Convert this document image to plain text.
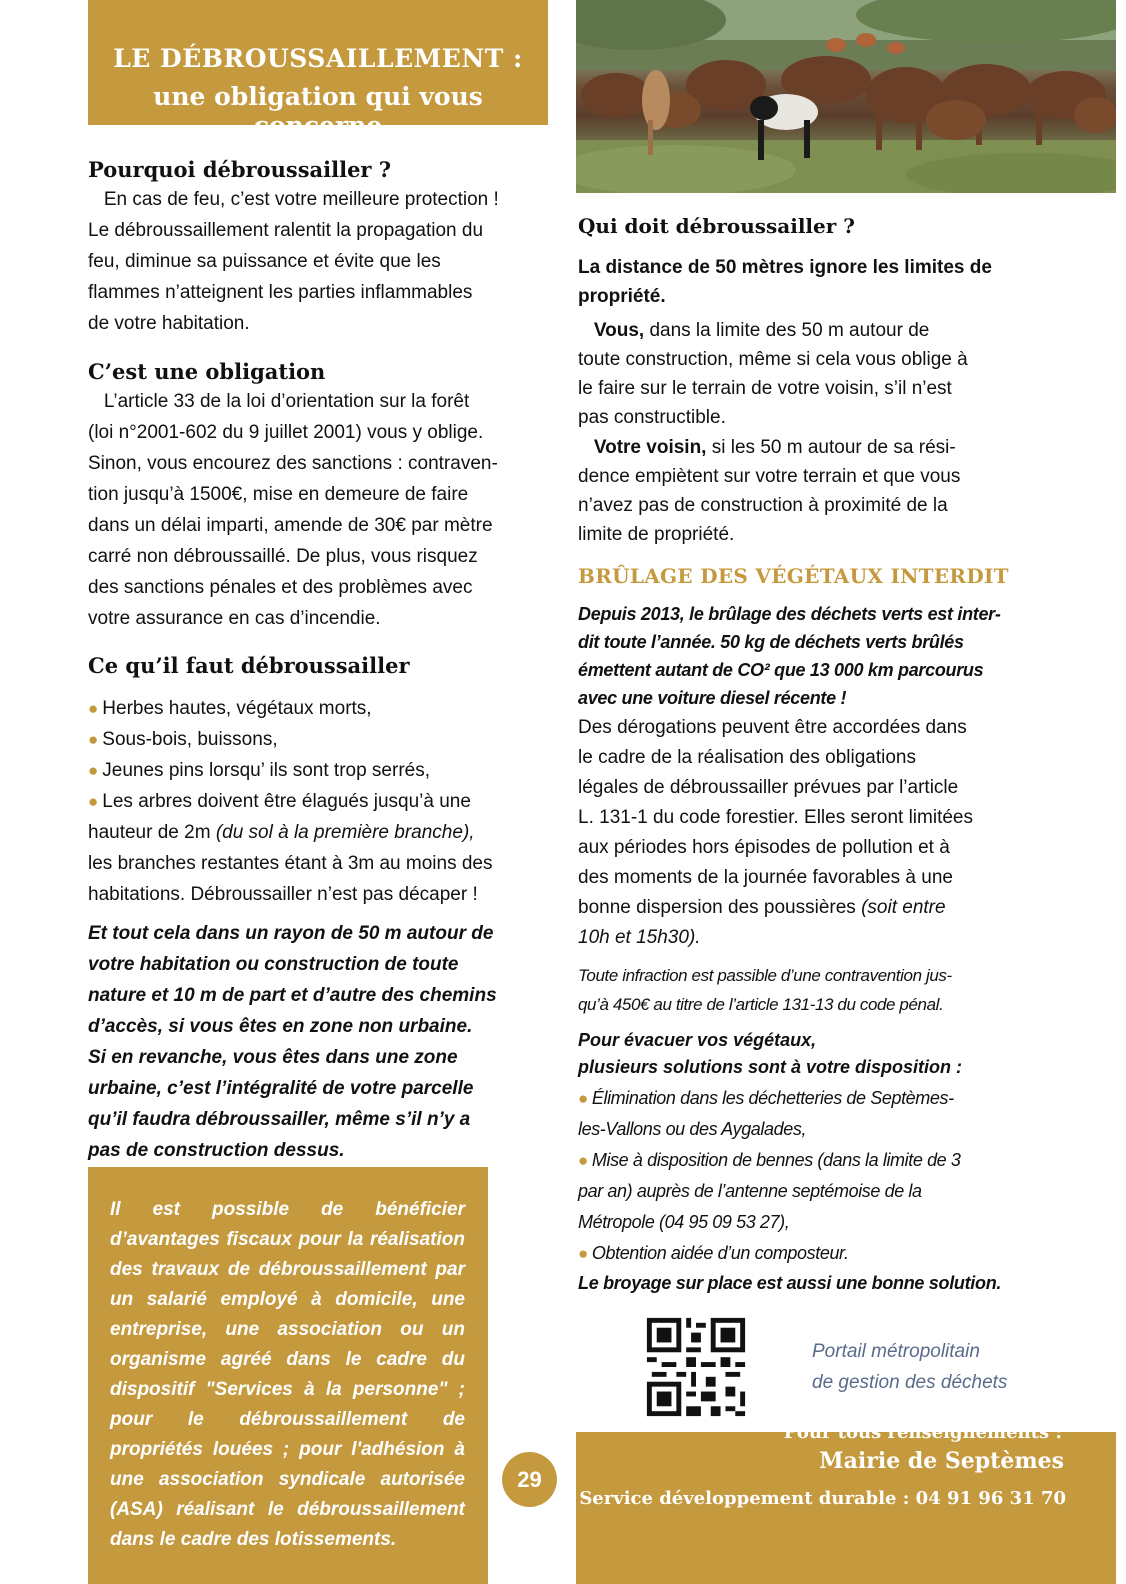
LE DÉBROUSSAILLEMENT :
une obligation qui vous concerne
Pourquoi débroussailler ?
En cas de feu, c’est votre meilleure protection !
Le débroussaillement ralentit la propagation du
feu, diminue sa puissance et évite que les
flammes n’atteignent les parties inflammables
de votre habitation.
C’est une obligation
L’article 33 de la loi d’orientation sur la forêt
(loi n°2001-602 du 9 juillet 2001) vous y oblige.
Sinon, vous encourez des sanctions : contraven-
tion jusqu’à 1500€, mise en demeure de faire
dans un délai imparti, amende de 30€ par mètre
carré non débroussaillé. De plus, vous risquez
des sanctions pénales et des problèmes avec
votre assurance en cas d’incendie.
Ce qu’il faut débroussailler
● Herbes hautes, végétaux morts,
● Sous-bois, buissons,
● Jeunes pins lorsqu’ ils sont trop serrés,
● Les arbres doivent être élagués jusqu’à une
hauteur de 2m (du sol à la première branche),
les branches restantes étant à 3m au moins des
habitations. Débroussailler n’est pas décaper !
Et tout cela dans un rayon de 50 m autour de
votre habitation ou construction de toute
nature et 10 m de part et d’autre des chemins
d’accès, si vous êtes en zone non urbaine.
Si en revanche, vous êtes dans une zone
urbaine, c’est l’intégralité de votre parcelle
qu’il faudra débroussailler, même s’il n’y a
pas de construction dessus.

Il est possible de bénéficier d’avantages fiscaux pour la réalisation des travaux de débroussaillement par un salarié employé à domicile, une entreprise, une association ou un organisme agréé dans le cadre du dispositif "Services à la personne" ; pour le débroussaillement de propriétés louées ; pour l'adhésion à une association syndicale autorisée (ASA) réalisant le débroussaillement dans le cadre des lotissements.

29
Qui doit débroussailler ?
La distance de 50 mètres ignore les limites de
propriété.
Vous, dans la limite des 50 m autour de
toute construction, même si cela vous oblige à
le faire sur le terrain de votre voisin, s’il n’est
pas constructible.
Votre voisin, si les 50 m autour de sa rési-
dence empiètent sur votre terrain et que vous
n’avez pas de construction à proximité de la
limite de propriété.
BRÛLAGE DES VÉGÉTAUX INTERDIT
Depuis 2013, le brûlage des déchets verts est inter-
dit toute l’année. 50 kg de déchets verts brûlés
émettent autant de CO² que 13 000 km parcourus
avec une voiture diesel récente !
Des dérogations peuvent être accordées dans
le cadre de la réalisation des obligations
légales de débroussailler prévues par l’article
L. 131-1 du code forestier. Elles seront limitées
aux périodes hors épisodes de pollution et à
des moments de la journée favorables à une
bonne dispersion des poussières (soit entre
10h et 15h30).
Toute infraction est passible d’une contravention jus-
qu’à 450€ au titre de l’article 131-13 du code pénal.
Pour évacuer vos végétaux,
plusieurs solutions sont à votre disposition :
● Élimination dans les déchetteries de Septèmes-
les-Vallons ou des Aygalades,
● Mise à disposition de bennes (dans la limite de 3
par an) auprès de l’antenne septémoise de la
Métropole (04 95 09 53 27),
● Obtention aidée d’un composteur.
Le broyage sur place est aussi une bonne solution.
Portail métropolitain
de gestion des déchets
Pour tous renseignements :
Mairie de Septèmes
Service développement durable : 04 91 96 31 70
